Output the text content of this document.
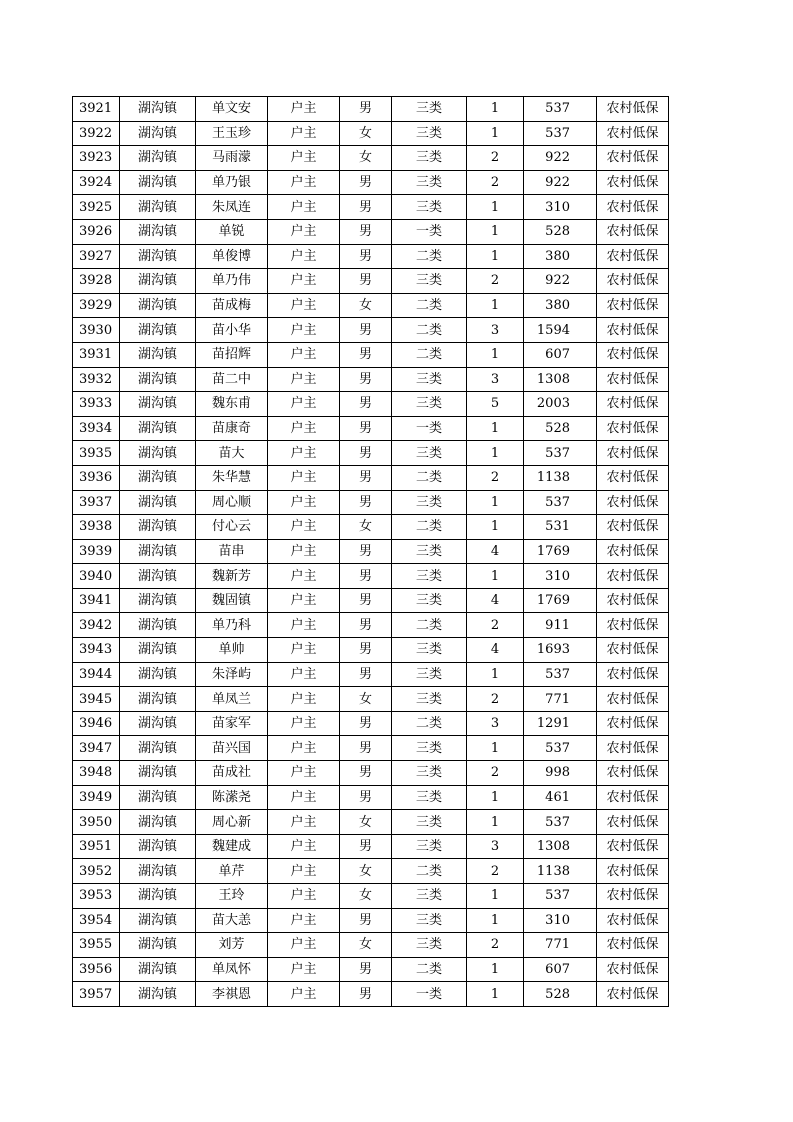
3921	湖沟镇	单文安	户主	男	三类	1	537	农村低保
3922	湖沟镇	王玉珍	户主	女	三类	1	537	农村低保
3923	湖沟镇	马雨濛	户主	女	三类	2	922	农村低保
3924	湖沟镇	单乃银	户主	男	三类	2	922	农村低保
3925	湖沟镇	朱凤连	户主	男	三类	1	310	农村低保
3926	湖沟镇	单锐	户主	男	一类	1	528	农村低保
3927	湖沟镇	单俊博	户主	男	二类	1	380	农村低保
3928	湖沟镇	单乃伟	户主	男	三类	2	922	农村低保
3929	湖沟镇	苗成梅	户主	女	二类	1	380	农村低保
3930	湖沟镇	苗小华	户主	男	二类	3	1594	农村低保
3931	湖沟镇	苗招辉	户主	男	二类	1	607	农村低保
3932	湖沟镇	苗二中	户主	男	三类	3	1308	农村低保
3933	湖沟镇	魏东甫	户主	男	三类	5	2003	农村低保
3934	湖沟镇	苗康奇	户主	男	一类	1	528	农村低保
3935	湖沟镇	苗大	户主	男	三类	1	537	农村低保
3936	湖沟镇	朱华慧	户主	男	二类	2	1138	农村低保
3937	湖沟镇	周心顺	户主	男	三类	1	537	农村低保
3938	湖沟镇	付心云	户主	女	二类	1	531	农村低保
3939	湖沟镇	苗串	户主	男	三类	4	1769	农村低保
3940	湖沟镇	魏新芳	户主	男	三类	1	310	农村低保
3941	湖沟镇	魏固镇	户主	男	三类	4	1769	农村低保
3942	湖沟镇	单乃科	户主	男	二类	2	911	农村低保
3943	湖沟镇	单帅	户主	男	三类	4	1693	农村低保
3944	湖沟镇	朱泽屿	户主	男	三类	1	537	农村低保
3945	湖沟镇	单凤兰	户主	女	三类	2	771	农村低保
3946	湖沟镇	苗家军	户主	男	二类	3	1291	农村低保
3947	湖沟镇	苗兴国	户主	男	三类	1	537	农村低保
3948	湖沟镇	苗成社	户主	男	三类	2	998	农村低保
3949	湖沟镇	陈潆尧	户主	男	三类	1	461	农村低保
3950	湖沟镇	周心新	户主	女	三类	1	537	农村低保
3951	湖沟镇	魏建成	户主	男	三类	3	1308	农村低保
3952	湖沟镇	单芹	户主	女	二类	2	1138	农村低保
3953	湖沟镇	王玲	户主	女	三类	1	537	农村低保
3954	湖沟镇	苗大恙	户主	男	三类	1	310	农村低保
3955	湖沟镇	刘芳	户主	女	三类	2	771	农村低保
3956	湖沟镇	单凤怀	户主	男	二类	1	607	农村低保
3957	湖沟镇	李祺恩	户主	男	一类	1	528	农村低保
